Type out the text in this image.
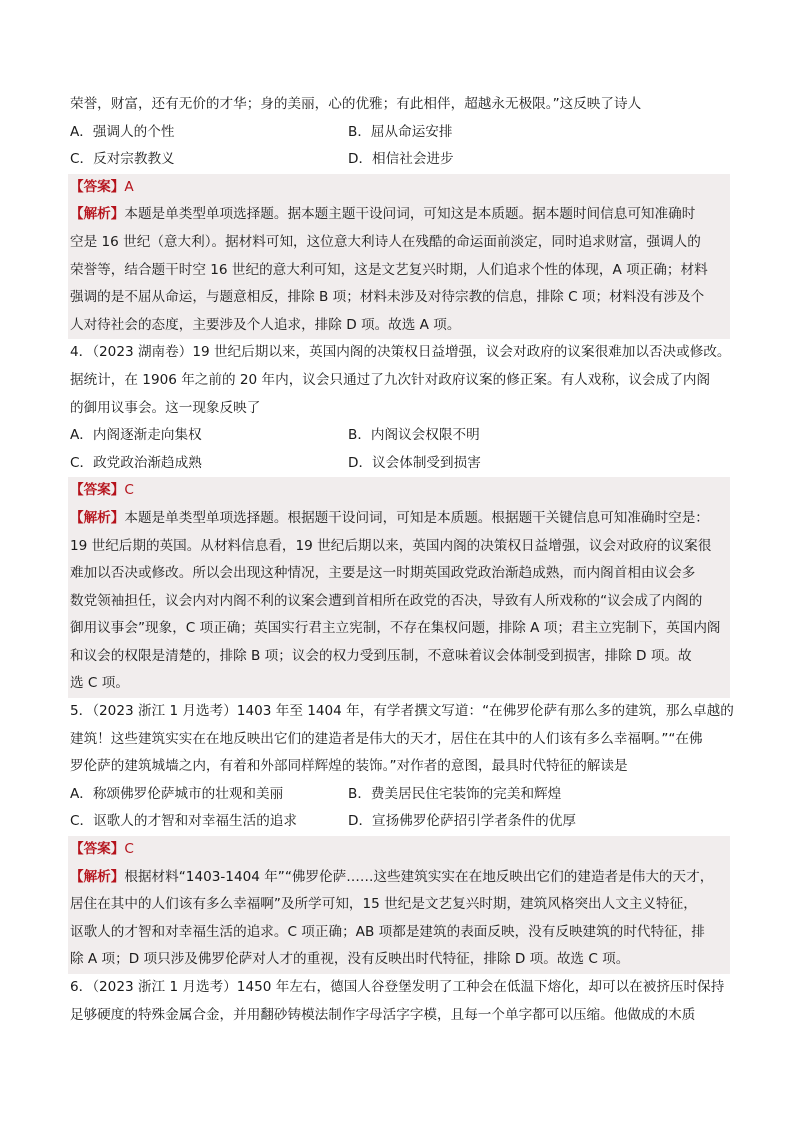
荣誉，财富，还有无价的才华；身的美丽，心的优雅；有此相伴，超越永无极限。”这反映了诗人
A．强调人的个性	B．屈从命运安排
C．反对宗教教义	D．相信社会进步
【答案】A
【解析】本题是单类型单项选择题。据本题主题干设问词，可知这是本质题。据本题时间信息可知准确时
空是 16 世纪（意大利）。据材料可知，这位意大利诗人在残酷的命运面前淡定，同时追求财富，强调人的
荣誉等，结合题干时空 16 世纪的意大利可知，这是文艺复兴时期，人们追求个性的体现，A 项正确；材料
强调的是不屈从命运，与题意相反，排除 B 项；材料未涉及对待宗教的信息，排除 C 项；材料没有涉及个
人对待社会的态度，主要涉及个人追求，排除 D 项。故选 A 项。
4．（2023 湖南卷）19 世纪后期以来，英国内阁的决策权日益增强，议会对政府的议案很难加以否决或修改。
据统计，在 1906 年之前的 20 年内，议会只通过了九次针对政府议案的修正案。有人戏称，议会成了内阁
的御用议事会。这一现象反映了
A．内阁逐渐走向集权	B．内阁议会权限不明
C．政党政治渐趋成熟	D．议会体制受到损害
【答案】C
【解析】本题是单类型单项选择题。根据题干设问词，可知是本质题。根据题干关键信息可知准确时空是：
19 世纪后期的英国。从材料信息看，19 世纪后期以来，英国内阁的决策权日益增强，议会对政府的议案很
难加以否决或修改。所以会出现这种情况，主要是这一时期英国政党政治渐趋成熟，而内阁首相由议会多
数党领袖担任，议会内对内阁不利的议案会遭到首相所在政党的否决，导致有人所戏称的“议会成了内阁的
御用议事会”现象，C 项正确；英国实行君主立宪制，不存在集权问题，排除 A 项；君主立宪制下，英国内阁
和议会的权限是清楚的，排除 B 项；议会的权力受到压制，不意味着议会体制受到损害，排除 D 项。故
选 C 项。
5．（2023 浙江 1 月选考）1403 年至 1404 年，有学者撰文写道：“在佛罗伦萨有那么多的建筑，那么卓越的
建筑！这些建筑实实在在地反映出它们的建造者是伟大的天才，居住在其中的人们该有多么幸福啊。”“在佛
罗伦萨的建筑城墙之内，有着和外部同样辉煌的装饰。”对作者的意图，最具时代特征的解读是
A．称颂佛罗伦萨城市的壮观和美丽	B．费美居民住宅装饰的完美和辉煌
C．讴歌人的才智和对幸福生活的追求	D．宣扬佛罗伦萨招引学者条件的优厚
【答案】C
【解析】根据材料“1403-1404 年”“佛罗伦萨……这些建筑实实在在地反映出它们的建造者是伟大的天才，
居住在其中的人们该有多么幸福啊”及所学可知，15 世纪是文艺复兴时期，建筑风格突出人文主义特征，
讴歌人的才智和对幸福生活的追求。C 项正确；AB 项都是建筑的表面反映，没有反映建筑的时代特征，排
除 A 项；D 项只涉及佛罗伦萨对人才的重视，没有反映出时代特征，排除 D 项。故选 C 项。
6．（2023 浙江 1 月选考）1450 年左右，德国人谷登堡发明了工种会在低温下熔化，却可以在被挤压时保持
足够硬度的特殊金属合金，并用翻砂铸模法制作字母活字字模，且每一个单字都可以压缩。他做成的木质
